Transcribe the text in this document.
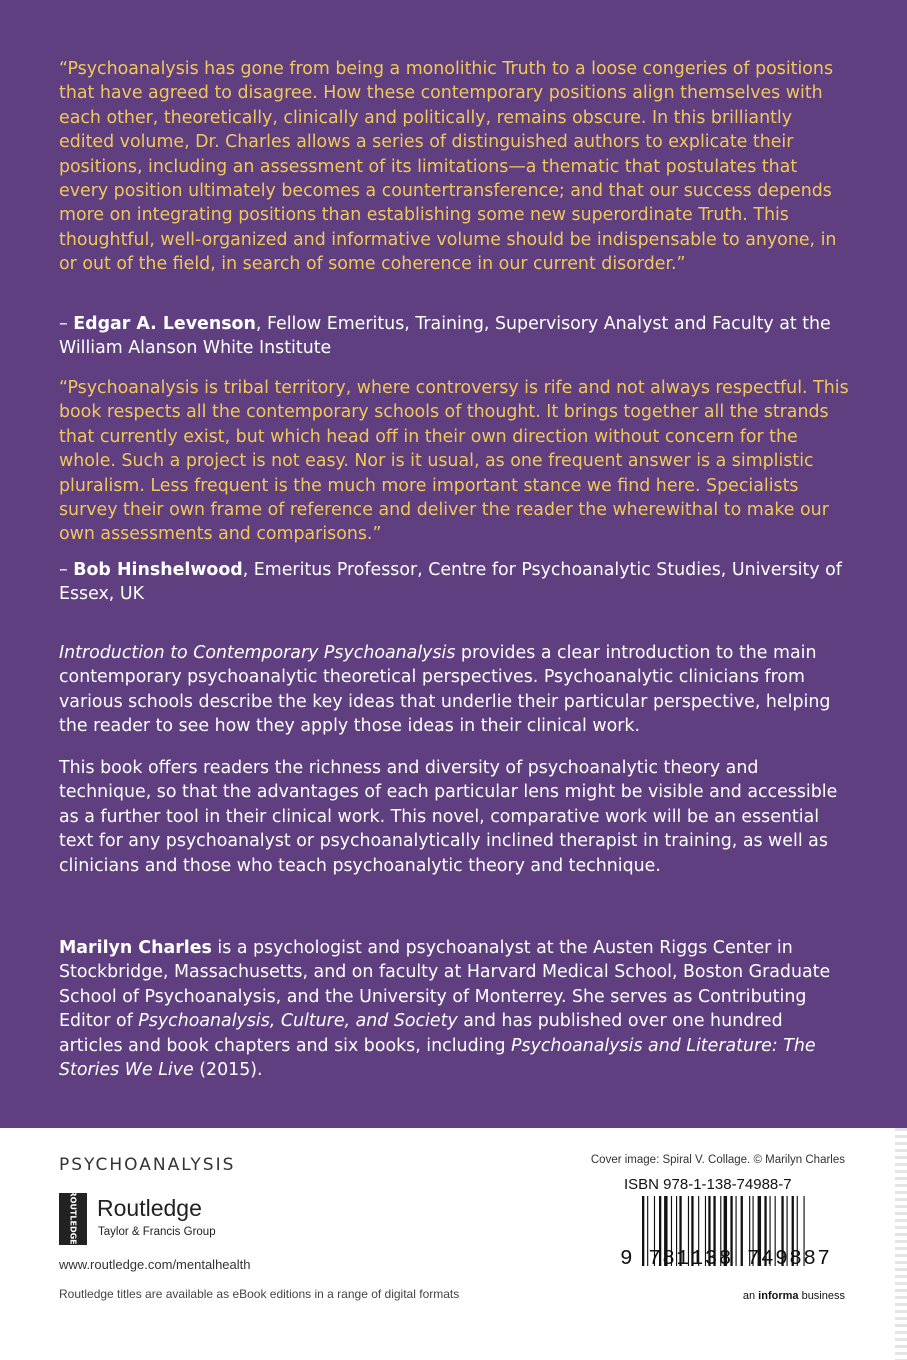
“Psychoanalysis has gone from being a monolithic Truth to a loose congeries of positions that have agreed to disagree. How these contemporary positions align themselves with each other, theoretically, clinically and politically, remains obscure. In this brilliantly edited volume, Dr. Charles allows a series of distinguished authors to explicate their positions, including an assessment of its limitations—a thematic that postulates that every position ultimately becomes a countertransference; and that our success depends more on integrating positions than establishing some new superordinate Truth. This thoughtful, well-organized and informative volume should be indispensable to anyone, in or out of the field, in search of some coherence in our current disorder.”

– Edgar A. Levenson, Fellow Emeritus, Training, Supervisory Analyst and Faculty at the William Alanson White Institute

“Psychoanalysis is tribal territory, where controversy is rife and not always respectful. This book respects all the contemporary schools of thought. It brings together all the strands that currently exist, but which head off in their own direction without concern for the whole. Such a project is not easy. Nor is it usual, as one frequent answer is a simplistic pluralism. Less frequent is the much more important stance we find here. Specialists survey their own frame of reference and deliver the reader the wherewithal to make our own assessments and comparisons.”

– Bob Hinshelwood, Emeritus Professor, Centre for Psychoanalytic Studies, University of Essex, UK

Introduction to Contemporary Psychoanalysis provides a clear introduction to the main contemporary psychoanalytic theoretical perspectives. Psychoanalytic clinicians from various schools describe the key ideas that underlie their particular perspective, helping the reader to see how they apply those ideas in their clinical work.

This book offers readers the richness and diversity of psychoanalytic theory and technique, so that the advantages of each particular lens might be visible and accessible as a further tool in their clinical work. This novel, comparative work will be an essential text for any psychoanalyst or psychoanalytically inclined therapist in training, as well as clinicians and those who teach psychoanalytic theory and technique.

Marilyn Charles is a psychologist and psychoanalyst at the Austen Riggs Center in Stockbridge, Massachusetts, and on faculty at Harvard Medical School, Boston Graduate School of Psychoanalysis, and the University of Monterrey. She serves as Contributing Editor of Psychoanalysis, Culture, and Society and has published over one hundred articles and book chapters and six books, including Psychoanalysis and Literature: The Stories We Live (2015).

PSYCHOANALYSIS
ROUTLEDGE Routledge
Taylor & Francis Group
www.routledge.com/mentalhealth
Routledge titles are available as eBook editions in a range of digital formats
Cover image: Spiral V. Collage. © Marilyn Charles
ISBN 978-1-138-74988-7
9 781138 749887
an informa business
